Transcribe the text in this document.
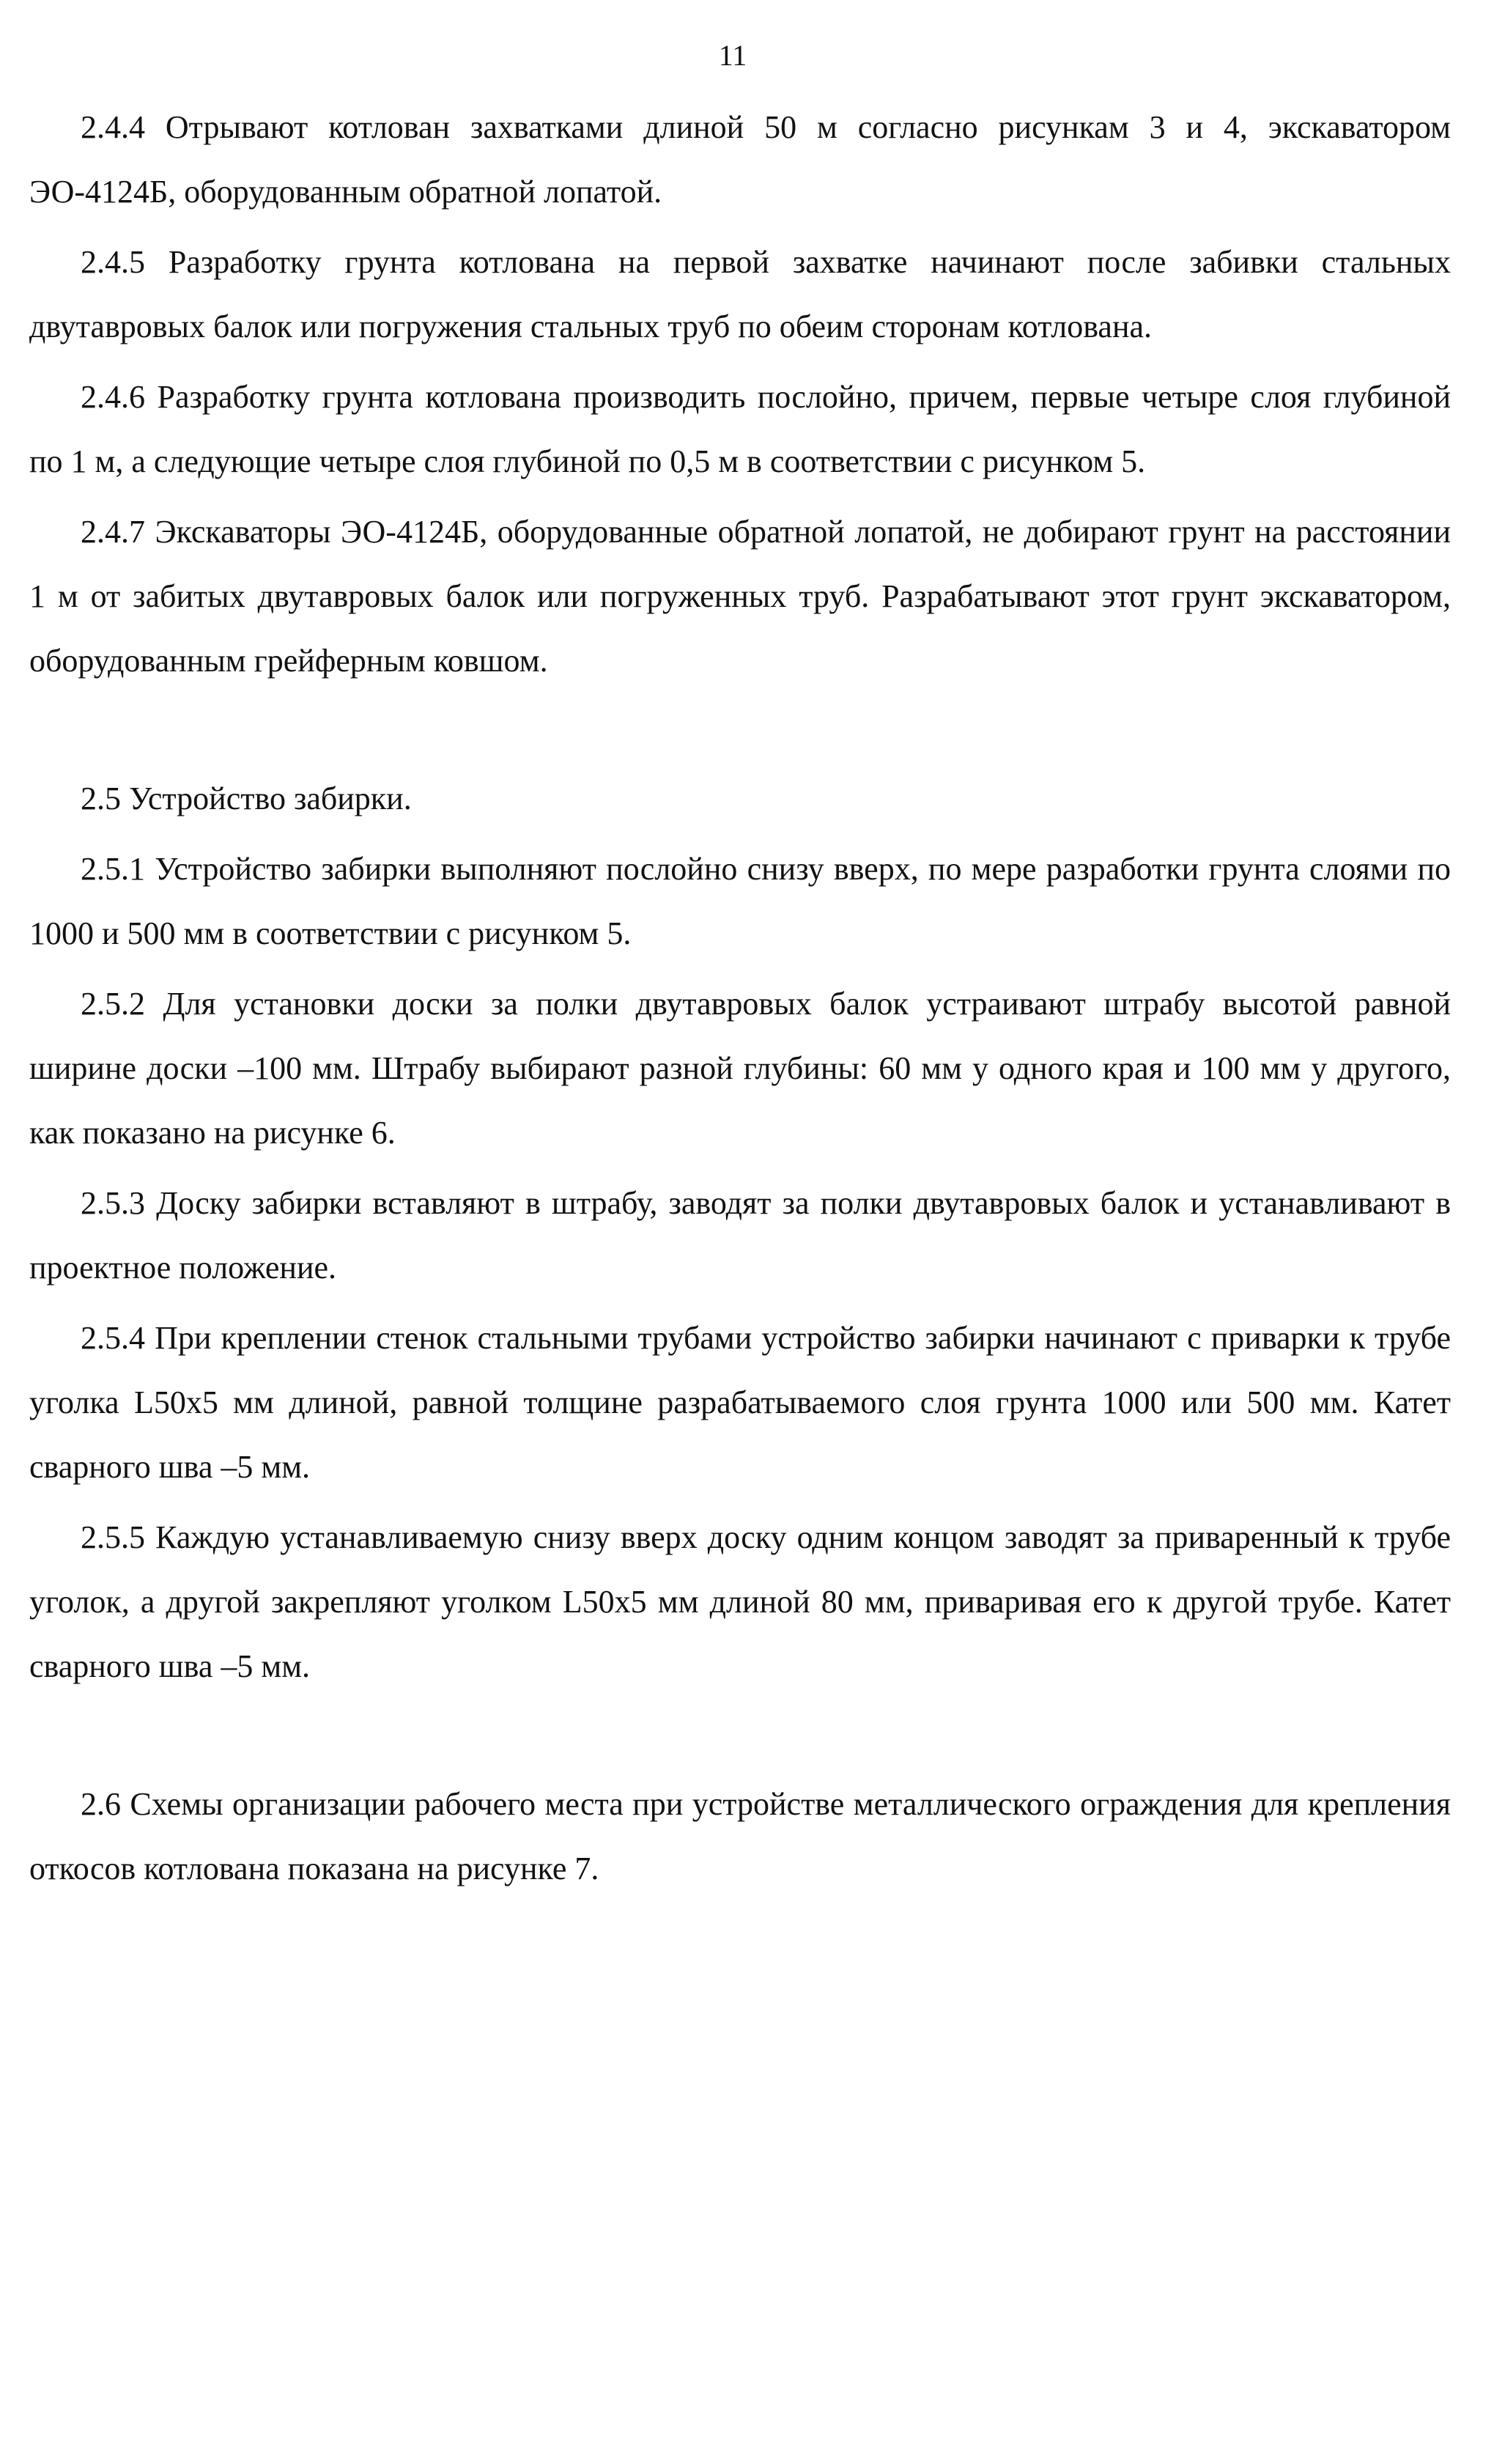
11

2.4.4 Отрывают котлован захватками длиной 50 м согласно рисункам 3 и 4, экскаватором ЭО-4124Б, оборудованным обратной лопатой.

2.4.5 Разработку грунта котлована на первой захватке начинают после забивки стальных двутавровых балок или погружения стальных труб по обеим сторонам котлована.

2.4.6 Разработку грунта котлована производить послойно, причем, первые четыре слоя глубиной по 1 м, а следующие четыре слоя глубиной по 0,5 м в соответствии с рисунком 5.

2.4.7 Экскаваторы ЭО-4124Б, оборудованные обратной лопатой, не добирают грунт на расстоянии 1 м от забитых двутавровых балок или погруженных труб. Разрабатывают этот грунт экскаватором, оборудованным грейферным ковшом.

2.5 Устройство забирки.

2.5.1 Устройство забирки выполняют послойно снизу вверх, по мере разработки грунта слоями по 1000 и 500 мм в соответствии с рисунком 5.

2.5.2 Для установки доски за полки двутавровых балок устраивают штрабу высотой равной ширине доски –100 мм. Штрабу выбирают разной глубины: 60 мм у одного края и 100 мм у другого, как показано на рисунке 6.

2.5.3 Доску забирки вставляют в штрабу, заводят за полки двутавровых балок и устанавливают в проектное положение.

2.5.4 При креплении стенок стальными трубами устройство забирки начинают с приварки к трубе уголка L50x5 мм длиной, равной толщине разрабатываемого слоя грунта 1000 или 500 мм. Катет сварного шва –5 мм.

2.5.5 Каждую устанавливаемую снизу вверх доску одним концом заводят за приваренный к трубе уголок, а другой закрепляют уголком L50x5 мм длиной 80 мм, приваривая его к другой трубе. Катет сварного шва –5 мм.

2.6 Схемы организации рабочего места при устройстве металлического ограждения для крепления откосов котлована показана на рисунке 7.
